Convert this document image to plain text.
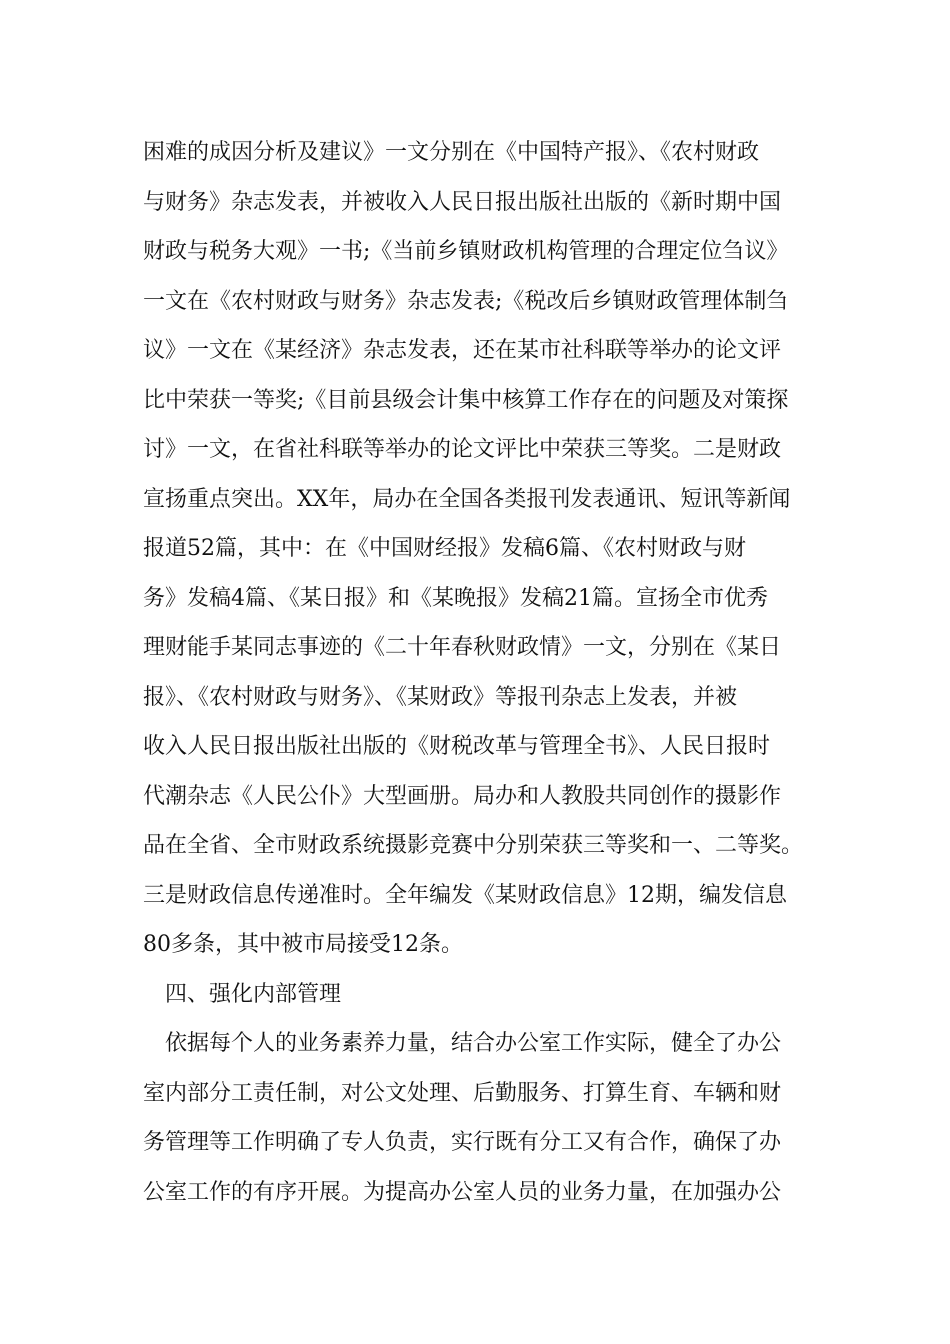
困难的成因分析及建议》一文分别在《中国特产报》、《农村财政
与财务》杂志发表，并被收入人民日报出版社出版的《新时期中国
财政与税务大观》一书;《当前乡镇财政机构管理的合理定位刍议》
一文在《农村财政与财务》杂志发表;《税改后乡镇财政管理体制刍
议》一文在《某经济》杂志发表，还在某市社科联等举办的论文评
比中荣获一等奖;《目前县级会计集中核算工作存在的问题及对策探
讨》一文，在省社科联等举办的论文评比中荣获三等奖。二是财政
宣扬重点突出。XX年，局办在全国各类报刊发表通讯、短讯等新闻
报道52篇，其中：在《中国财经报》发稿6篇、《农村财政与财
务》发稿4篇、《某日报》和《某晚报》发稿21篇。宣扬全市优秀
理财能手某同志事迹的《二十年春秋财政情》一文，分别在《某日
报》、《农村财政与财务》、《某财政》等报刊杂志上发表，并被
收入人民日报出版社出版的《财税改革与管理全书》、人民日报时
代潮杂志《人民公仆》大型画册。局办和人教股共同创作的摄影作
品在全省、全市财政系统摄影竞赛中分别荣获三等奖和一、二等奖。
三是财政信息传递准时。全年编发《某财政信息》12期，编发信息
80多条，其中被市局接受12条。
四、强化内部管理
依据每个人的业务素养力量，结合办公室工作实际，健全了办公
室内部分工责任制，对公文处理、后勤服务、打算生育、车辆和财
务管理等工作明确了专人负责，实行既有分工又有合作，确保了办
公室工作的有序开展。为提高办公室人员的业务力量，在加强办公
